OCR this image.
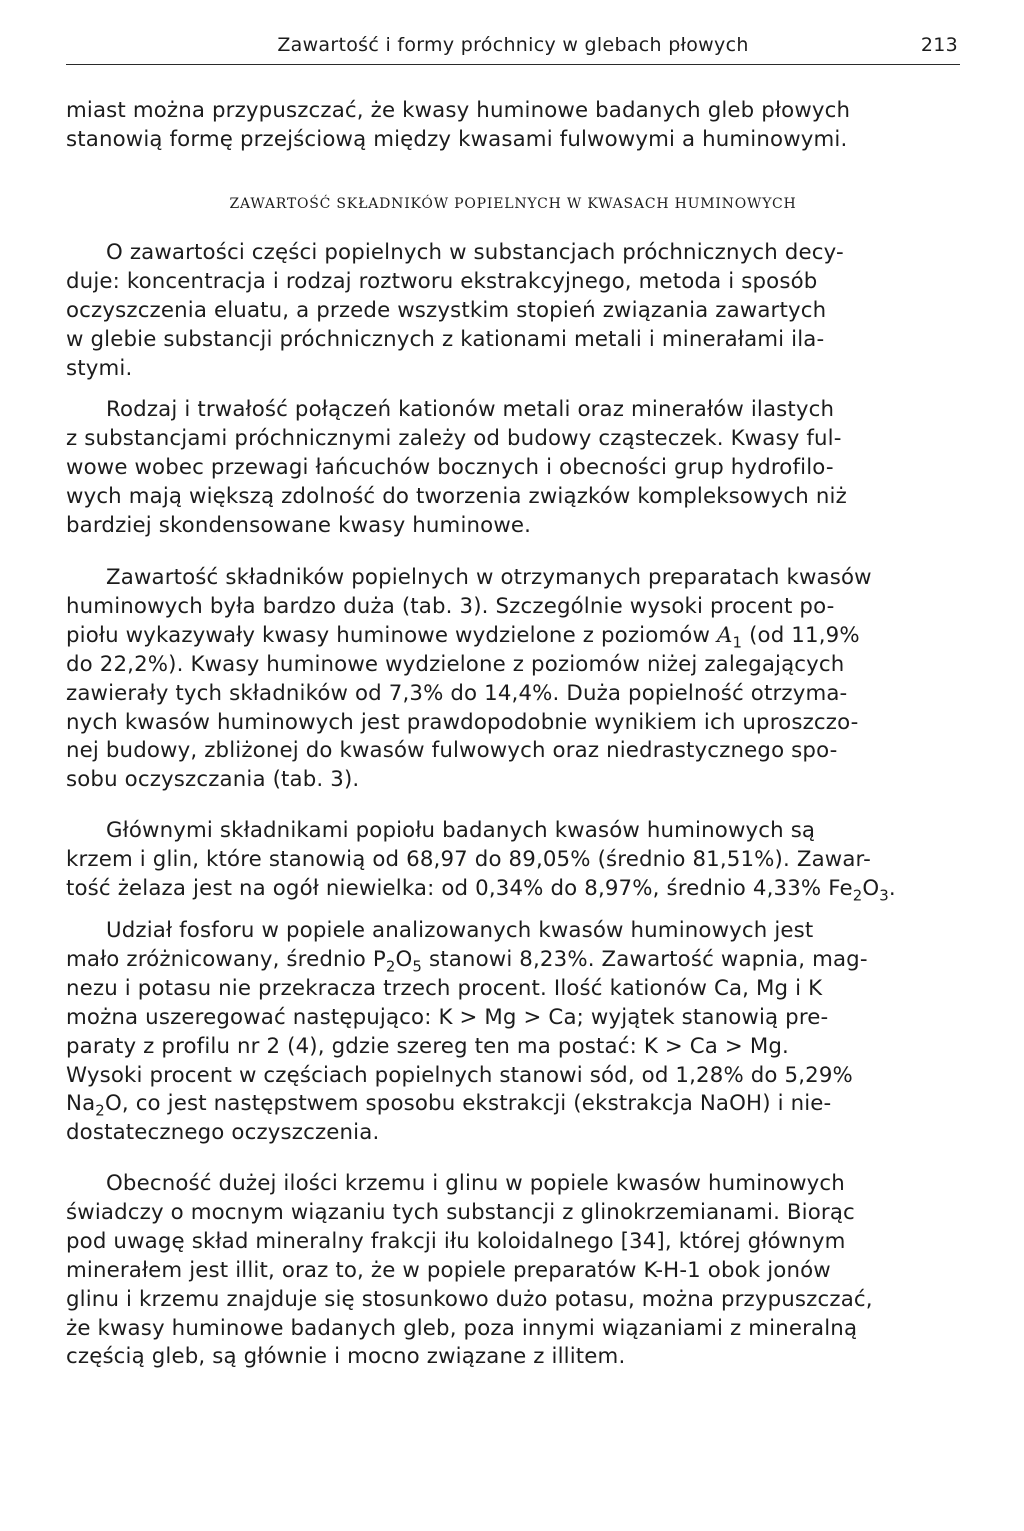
Zawartość i formy próchnicy w glebach płowych	213

miast można przypuszczać, że kwasy huminowe badanych gleb płowych
stanowią formę przejściową między kwasami fulwowymi a huminowymi.

ZAWARTOŚĆ SKŁADNIKÓW POPIELNYCH W KWASACH HUMINOWYCH

O zawartości części popielnych w substancjach próchnicznych decy-
duje: koncentracja i rodzaj roztworu ekstrakcyjnego, metoda i sposób
oczyszczenia eluatu, a przede wszystkim stopień związania zawartych
w glebie substancji próchnicznych z kationami metali i minerałami ila-
stymi.

Rodzaj i trwałość połączeń kationów metali oraz minerałów ilastych
z substancjami próchnicznymi zależy od budowy cząsteczek. Kwasy ful-
wowe wobec przewagi łańcuchów bocznych i obecności grup hydrofilo-
wych mają większą zdolność do tworzenia związków kompleksowych niż
bardziej skondensowane kwasy huminowe.

Zawartość składników popielnych w otrzymanych preparatach kwasów
huminowych była bardzo duża (tab. 3). Szczególnie wysoki procent po-
piołu wykazywały kwasy huminowe wydzielone z poziomów $A_1$ (od 11,9%
do 22,2%). Kwasy huminowe wydzielone z poziomów niżej zalegających
zawierały tych składników od 7,3% do 14,4%. Duża popielność otrzyma-
nych kwasów huminowych jest prawdopodobnie wynikiem ich uproszczo-
nej budowy, zbliżonej do kwasów fulwowych oraz niedrastycznego spo-
sobu oczyszczania (tab. 3).

Głównymi składnikami popiołu badanych kwasów huminowych są
krzem i glin, które stanowią od 68,97 do 89,05% (średnio 81,51%). Zawar-
tość żelaza jest na ogół niewielka: od 0,34% do 8,97%, średnio 4,33% $Fe_2O_3$.

Udział fosforu w popiele analizowanych kwasów huminowych jest
mało zróżnicowany, średnio $P_2O_5$ stanowi 8,23%. Zawartość wapnia, mag-
nezu i potasu nie przekracza trzech procent. Ilość kationów Ca, Mg i K
można uszeregować następująco: K > Mg > Ca; wyjątek stanowią pre-
paraty z profilu nr 2 (4), gdzie szereg ten ma postać: K > Ca > Mg.
Wysoki procent w częściach popielnych stanowi sód, od 1,28% do 5,29%
$Na_2O$, co jest następstwem sposobu ekstrakcji (ekstrakcja NaOH) i nie-
dostatecznego oczyszczenia.

Obecność dużej ilości krzemu i glinu w popiele kwasów huminowych
świadczy o mocnym wiązaniu tych substancji z glinokrzemianami. Biorąc
pod uwagę skład mineralny frakcji iłu koloidalnego [34], której głównym
minerałem jest illit, oraz to, że w popiele preparatów K-H-1 obok jonów
glinu i krzemu znajduje się stosunkowo dużo potasu, można przypuszczać,
że kwasy huminowe badanych gleb, poza innymi wiązaniami z mineralną
częścią gleb, są głównie i mocno związane z illitem.
